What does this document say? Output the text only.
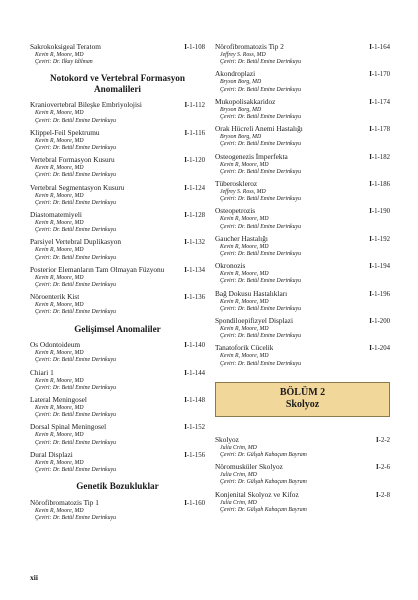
Sakrokoksigeal Teratom	I-1-108
Kevin R, Moore, MD
Çeviri: Dr. Ilkay Idilman
Notokord ve Vertebral Formasyon Anomalileri
Kraniovertebral Bileşke Embriyolojisi	I-1-112
Kevin R, Moore, MD
Çeviri: Dr. Betül Emine Derinkuyu
Klippel-Feil Spektrumu	I-1-116
Kevin R, Moore, MD
Çeviri: Dr. Betül Emine Derinkuyu
Vertebral Formasyon Kusuru	I-1-120
Kevin R, Moore, MD
Çeviri: Dr. Betül Emine Derinkuyu
Vertebral Segmentasyon Kusuru	I-1-124
Kevin R, Moore, MD
Çeviri: Dr. Betül Emine Derinkuyu
Diastomatemiyeli	I-1-128
Kevin R, Moore, MD
Çeviri: Dr. Betül Emine Derinkuyu
Parsiyel Vertebral Duplikasyon	I-1-132
Kevin R, Moore, MD
Çeviri: Dr. Betül Emine Derinkuyu
Posterior Elemanların Tam Olmayan Füzyonu	I-1-134
Kevin R, Moore, MD
Çeviri: Dr. Betül Emine Derinkuyu
Nöroenterik Kist	I-1-136
Kevin R, Moore, MD
Çeviri: Dr. Betül Emine Derinkuyu
Gelişimsel Anomaliler
Os Odontoideum	I-1-140
Kevin R, Moore, MD
Çeviri: Dr. Betül Emine Derinkuyu
Chiari 1	I-1-144
Kevin R, Moore, MD
Çeviri: Dr. Betül Emine Derinkuyu
Lateral Meningosel	I-1-148
Kevin R, Moore, MD
Çeviri: Dr. Betül Emine Derinkuyu
Dorsal Spinal Meningosel	I-1-152
Kevin R, Moore, MD
Çeviri: Dr. Betül Emine Derinkuyu
Dural Displazi	I-1-156
Kevin R, Moore, MD
Çeviri: Dr. Betül Emine Derinkuyu
Genetik Bozukluklar
Nörofibromatozis Tip 1	I-1-160
Kevin R, Moore, MD
Çeviri: Dr. Betül Emine Derinkuyu
Nörofibromatozis Tip 2	I-1-164
Jeffrey S. Ross, MD
Çeviri: Dr. Betül Emine Derinkuyu
Akondroplazi	I-1-170
Bryson Borg, MD
Çeviri: Dr. Betül Emine Derinkuyu
Mukopolisakkaridoz	I-1-174
Bryson Borg, MD
Çeviri: Dr. Betül Emine Derinkuyu
Orak Hücreli Anemi Hastalığı	I-1-178
Bryson Borg, MD
Çeviri: Dr. Betül Emine Derinkuyu
Osteogenezis İmperfekta	I-1-182
Kevin R, Moore, MD
Çeviri: Dr. Betül Emine Derinkuyu
Tüberoskleroz	I-1-186
Jeffrey S. Ross, MD
Çeviri: Dr. Betül Emine Derinkuyu
Osteopetrozis	I-1-190
Kevin R, Moore, MD
Çeviri: Dr. Betül Emine Derinkuyu
Gaucher Hastalığı	I-1-192
Kevin R, Moore, MD
Çeviri: Dr. Betül Emine Derinkuyu
Okronozis	I-1-194
Kevin R, Moore, MD
Çeviri: Dr. Betül Emine Derinkuyu
Bağ Dokusu Hastalıkları	I-1-196
Kevin R, Moore, MD
Çeviri: Dr. Betül Emine Derinkuyu
Spondiloepifizyel Displazi	I-1-200
Kevin R, Moore, MD
Çeviri: Dr. Betül Emine Derinkuyu
Tanatoforik Cücelik	I-1-204
Kevin R, Moore, MD
Çeviri: Dr. Betül Emine Derinkuyu
BÖLÜM 2
Skolyoz
Skolyoz	I-2-2
Julia Crim, MD
Çeviri: Dr. Gülşah Kabaçam Bayram
Nöromusküler Skolyoz	I-2-6
Julia Crim, MD
Çeviri: Dr. Gülşah Kabaçam Bayram
Konjenital Skolyoz ve Kifoz	I-2-8
Julia Crim, MD
Çeviri: Dr. Gülşah Kabaçam Bayram
xii
